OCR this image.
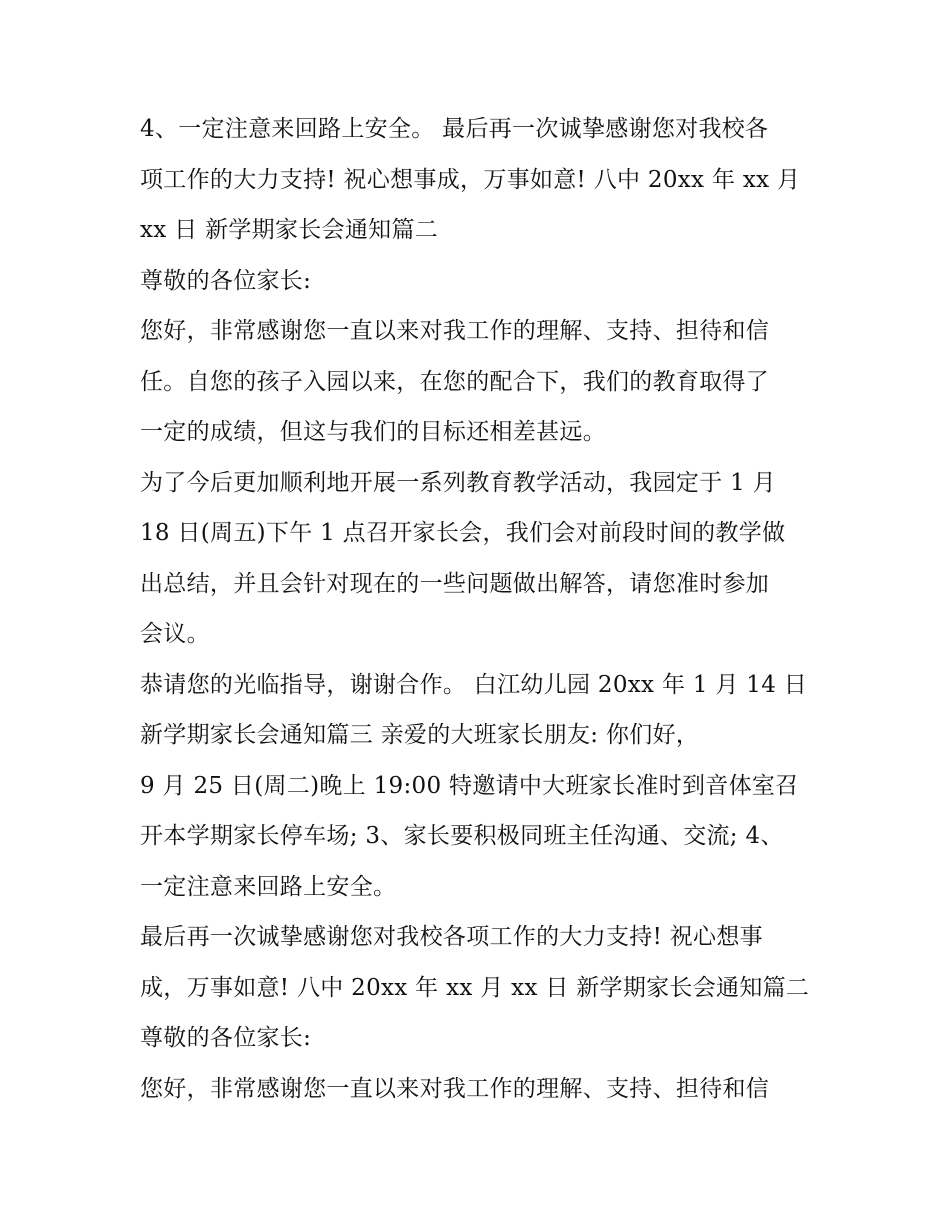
4、一定注意来回路上安全。 最后再一次诚挚感谢您对我校各
项工作的大力支持! 祝心想事成，万事如意! 八中 20xx 年 xx 月
xx 日 新学期家长会通知篇二
尊敬的各位家长:
您好，非常感谢您一直以来对我工作的理解、支持、担待和信
任。自您的孩子入园以来，在您的配合下，我们的教育取得了
一定的成绩，但这与我们的目标还相差甚远。
为了今后更加顺利地开展一系列教育教学活动，我园定于 1 月
18 日(周五)下午 1 点召开家长会，我们会对前段时间的教学做
出总结，并且会针对现在的一些问题做出解答，请您准时参加
会议。
恭请您的光临指导，谢谢合作。 白江幼儿园 20xx 年 1 月 14 日
新学期家长会通知篇三 亲爱的大班家长朋友: 你们好，
9 月 25 日(周二)晚上 19:00 特邀请中大班家长准时到音体室召
开本学期家长停车场; 3、家长要积极同班主任沟通、交流; 4、
一定注意来回路上安全。
最后再一次诚挚感谢您对我校各项工作的大力支持! 祝心想事
成，万事如意! 八中 20xx 年 xx 月 xx 日 新学期家长会通知篇二
尊敬的各位家长:
您好，非常感谢您一直以来对我工作的理解、支持、担待和信
